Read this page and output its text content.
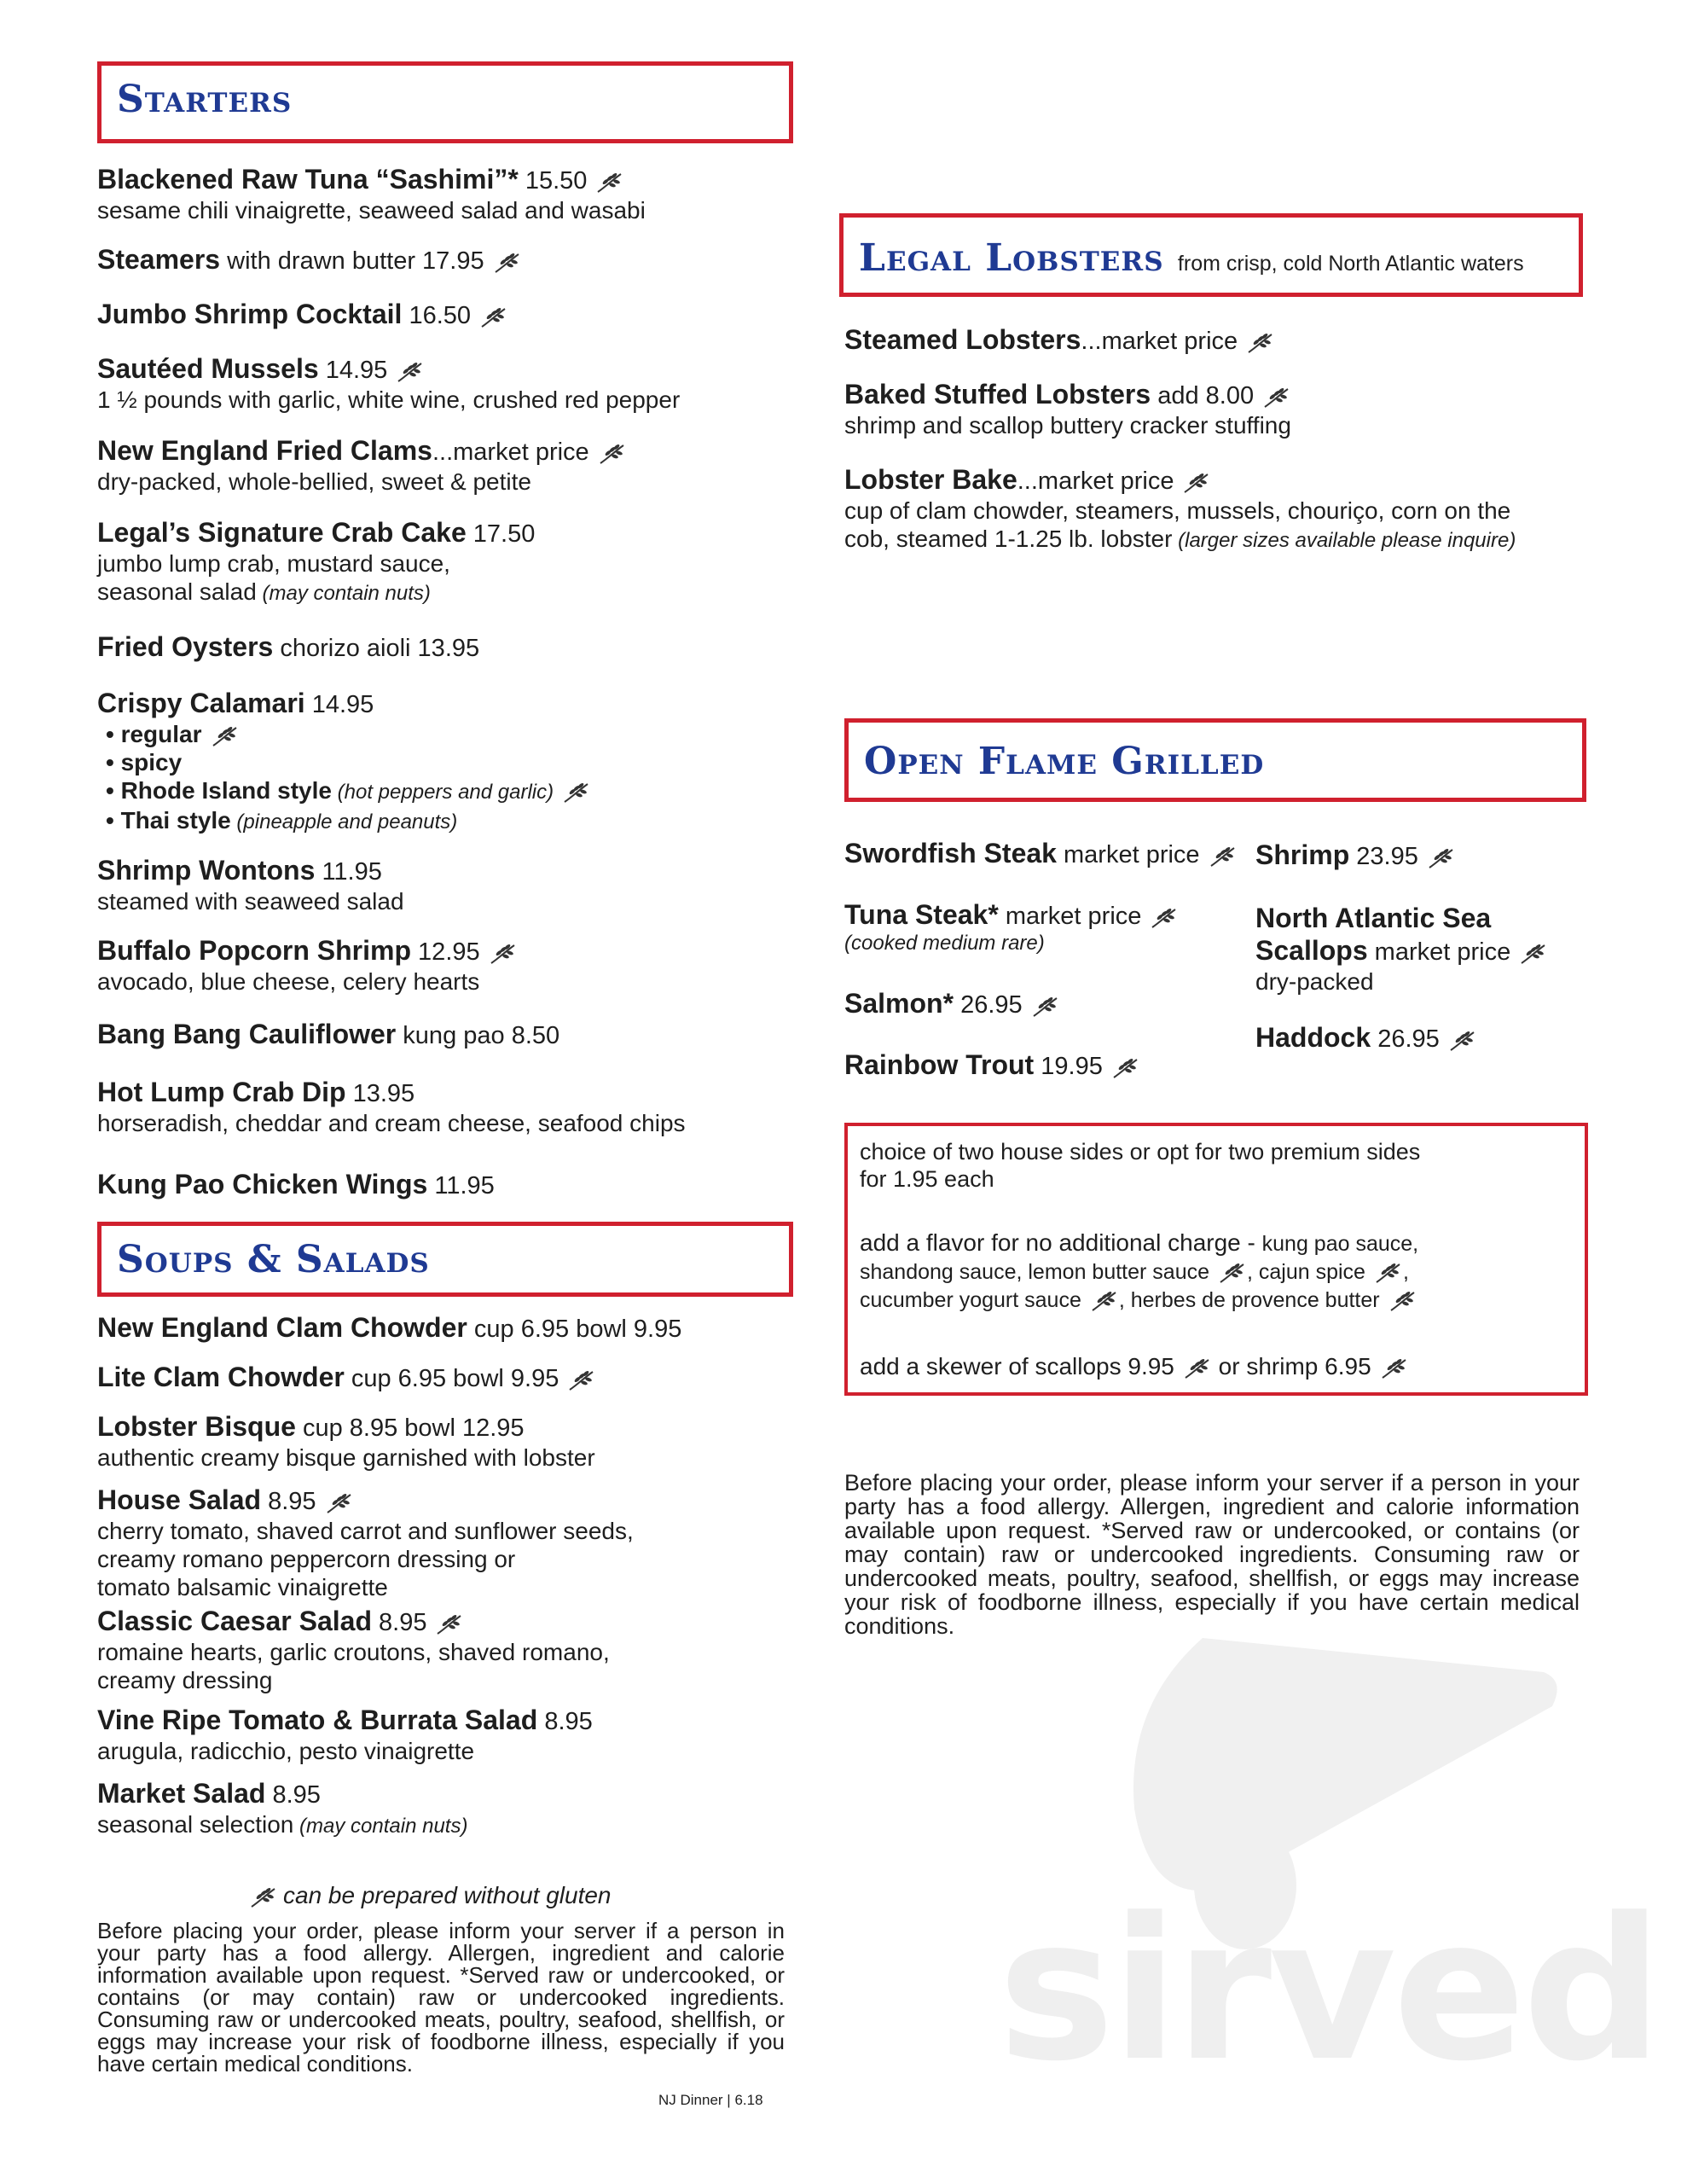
sirved
Starters
Blackened Raw Tuna “Sashimi”* 15.50
sesame chili vinaigrette, seaweed salad and wasabi
Steamers with drawn butter 17.95
Jumbo Shrimp Cocktail 16.50
Sautéed Mussels 14.95
1 ½ pounds with garlic, white wine, crushed red pepper
New England Fried Clams...market price
dry-packed, whole-bellied, sweet & petite
Legal’s Signature Crab Cake 17.50
jumbo lump crab, mustard sauce,
seasonal salad (may contain nuts)
Fried Oysters chorizo aioli 13.95
Crispy Calamari 14.95
• regular
• spicy
• Rhode Island style (hot peppers and garlic)
• Thai style (pineapple and peanuts)
Shrimp Wontons 11.95
steamed with seaweed salad
Buffalo Popcorn Shrimp 12.95
avocado, blue cheese, celery hearts
Bang Bang Cauliflower kung pao 8.50
Hot Lump Crab Dip 13.95
horseradish, cheddar and cream cheese, seafood chips
Kung Pao Chicken Wings 11.95
Soups & Salads
New England Clam Chowder cup 6.95 bowl 9.95
Lite Clam Chowder cup 6.95 bowl 9.95
Lobster Bisque cup 8.95 bowl 12.95
authentic creamy bisque garnished with lobster
House Salad 8.95
cherry tomato, shaved carrot and sunflower seeds,
creamy romano peppercorn dressing or
tomato balsamic vinaigrette
Classic Caesar Salad 8.95
romaine hearts, garlic croutons, shaved romano,
creamy dressing
Vine Ripe Tomato & Burrata Salad 8.95
arugula, radicchio, pesto vinaigrette
Market Salad 8.95
seasonal selection (may contain nuts)
can be prepared without gluten
Before placing your order, please inform your server if a person in your party has a food allergy. Allergen, ingredient and calorie information available upon request. *Served raw or undercooked, or contains (or may contain) raw or undercooked ingredients. Consuming raw or undercooked meats, poultry, seafood, shellfish, or eggs may increase your risk of foodborne illness, especially if you have certain medical conditions.
NJ Dinner | 6.18
Legal Lobsters from crisp, cold North Atlantic waters
Steamed Lobsters...market price
Baked Stuffed Lobsters add 8.00
shrimp and scallop buttery cracker stuffing
Lobster Bake...market price
cup of clam chowder, steamers, mussels, chouriço, corn on the
cob, steamed 1-1.25 lb. lobster (larger sizes available please inquire)
Open Flame Grilled
Swordfish Steak market price
Tuna Steak* market price
(cooked medium rare)
Salmon* 26.95
Rainbow Trout 19.95
Shrimp 23.95
North Atlantic Sea
Scallops market price
dry-packed
Haddock 26.95
choice of two house sides or opt for two premium sides
for 1.95 each
add a flavor for no additional charge - kung pao sauce,
shandong sauce, lemon butter sauce , cajun spice ,
cucumber yogurt sauce , herbes de provence butter
add a skewer of scallops 9.95 or shrimp 6.95
Before placing your order, please inform your server if a person in your party has a food allergy. Allergen, ingredient and calorie information available upon request. *Served raw or undercooked, or contains (or may contain) raw or undercooked ingredients. Consuming raw or undercooked meats, poultry, seafood, shellfish, or eggs may increase your risk of foodborne illness, especially if you have certain medical conditions.
